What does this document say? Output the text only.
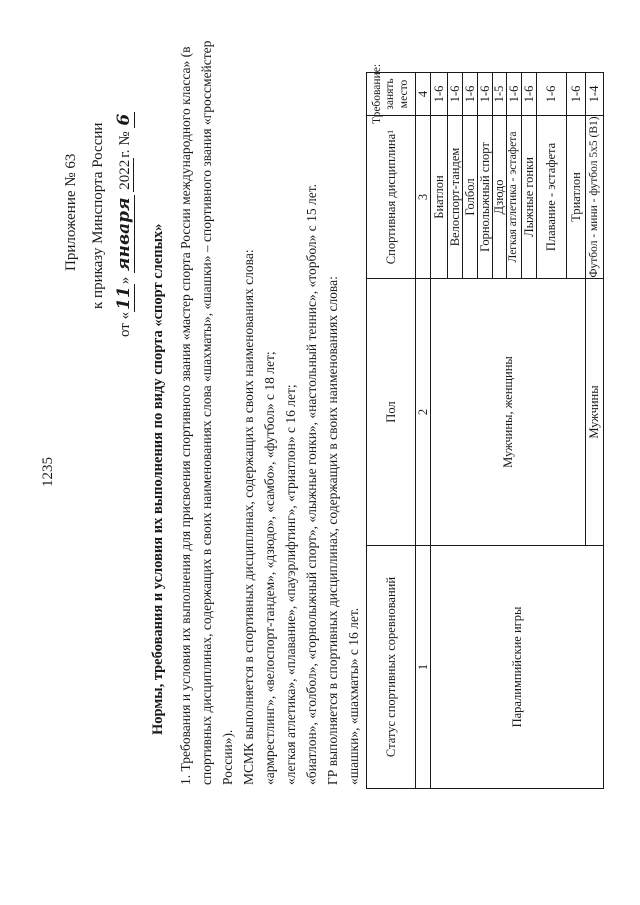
1235
Приложение № 63 к приказу Минспорта России
от «11» января 2022г. № 6
Нормы, требования и условия их выполнения по виду спорта «спорт слепых» 1. Требования и условия их выполнения для присвоения спортивного звания «мастер спорта России международного класса» (в спортивных дисциплинах, содержащих в своих наименованиях слова «шахматы», «шашки» – спортивного звания «гроссмейстер России»). МСМК выполняется в спортивных дисциплинах, содержащих в своих наименованиях слова: «армрестлинг», «велоспорт-тандем», «дзюдо», «самбо», «футбол» с 18 лет; «легкая атлетика», «плавание», «пауэрлифтинг», «триатлон» с 16 лет; «биатлон», «голбол», «горнолыжный спорт», «лыжные гонки», «настольный теннис», «торбол» с 15 лет. ГР выполняется в спортивных дисциплинах, содержащих в своих наименованиях слова: «шашки», «шахматы» с 16 лет.	Статус спортивных соревнований
Пол
Спортивная дисциплина
1
Требование: занять место
1
2
3
4
Паралимпийские игры
Мужчины, женщины	Мужчины
Биатлон
1-6
Велоспорт-тандем
1-6
Голбол
1-6
Горнолыжный спорт
1-6
Дзюдо
1-5
Легкая атлетика - эстафета
1-6
Лыжные гонки
1-6
Плавание - эстафета
1-6
Триатлон
1-6
Футбол - мини - футбол 5х5 (В1)
1-4
